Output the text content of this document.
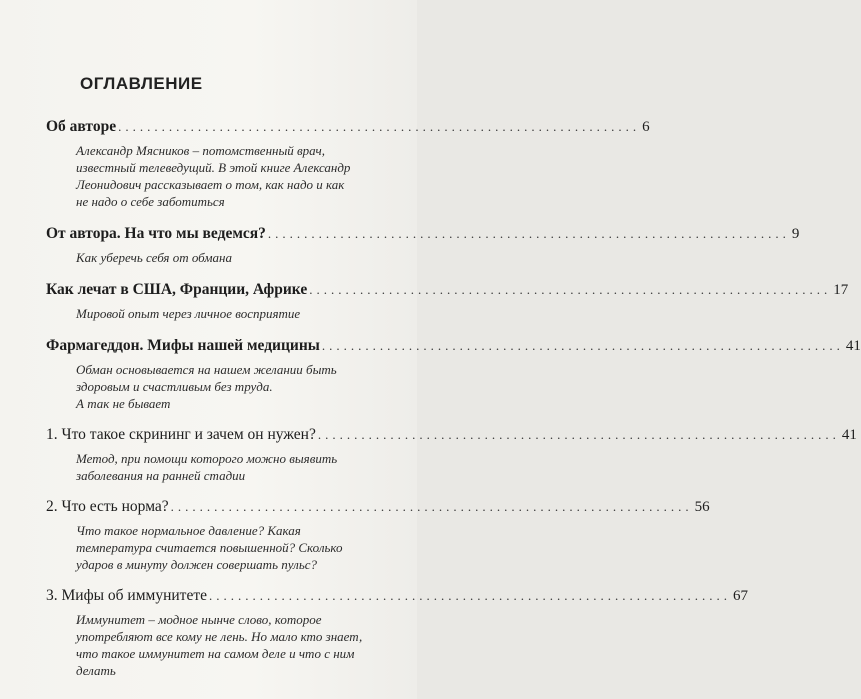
ОГЛАВЛЕНИЕ
Об авторе ........................................................................ 6
Александр Мясников – потомственный врач,
известный телеведущий. В этой книге Александр
Леонидович рассказывает о том, как надо и как
не надо о себе заботиться
От автора. На что мы ведемся? ........................................................................ 9
Как уберечь себя от обмана
Как лечат в США, Франции, Африке ........................................................................ 17
Мировой опыт через личное восприятие
Фармагеддон. Мифы нашей медицины ........................................................................ 41
Обман основывается на нашем желании быть
здоровым и счастливым без труда.
А так не бывает
1. Что такое скрининг и зачем он нужен? ........................................................................ 41
Метод, при помощи которого можно выявить
заболевания на ранней стадии
2. Что есть норма? ........................................................................ 56
Что такое нормальное давление? Какая
температура считается повышенной? Сколько
ударов в минуту должен совершать пульс?
3. Мифы об иммунитете ........................................................................ 67
Иммунитет – модное нынче слово, которое
употребляют все кому не лень. Но мало кто знает,
что такое иммунитет на самом деле и что с ним
делать
